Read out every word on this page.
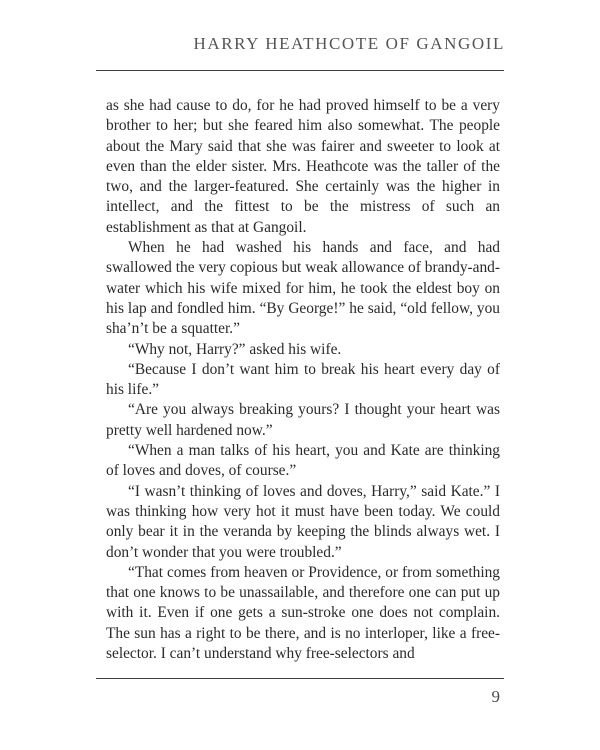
HARRY HEATHCOTE OF GANGOIL

as she had cause to do, for he had proved himself to be a very brother to her; but she feared him also somewhat. The people about the Mary said that she was fairer and sweeter to look at even than the elder sister. Mrs. Heathcote was the taller of the two, and the larger-featured. She certainly was the higher in intellect, and the fittest to be the mistress of such an establishment as that at Gangoil.

When he had washed his hands and face, and had swallowed the very copious but weak allowance of brandy-and-water which his wife mixed for him, he took the eldest boy on his lap and fondled him. “By George!” he said, “old fellow, you sha’n’t be a squatter.”

“Why not, Harry?” asked his wife.

“Because I don’t want him to break his heart every day of his life.”

“Are you always breaking yours? I thought your heart was pretty well hardened now.”

“When a man talks of his heart, you and Kate are thinking of loves and doves, of course.”

“I wasn’t thinking of loves and doves, Harry,” said Kate.” I was thinking how very hot it must have been today. We could only bear it in the veranda by keeping the blinds always wet. I don’t wonder that you were troubled.”

“That comes from heaven or Providence, or from something that one knows to be unassailable, and therefore one can put up with it. Even if one gets a sun-stroke one does not complain. The sun has a right to be there, and is no interloper, like a free-selector. I can’t understand why free-selectors and

9
